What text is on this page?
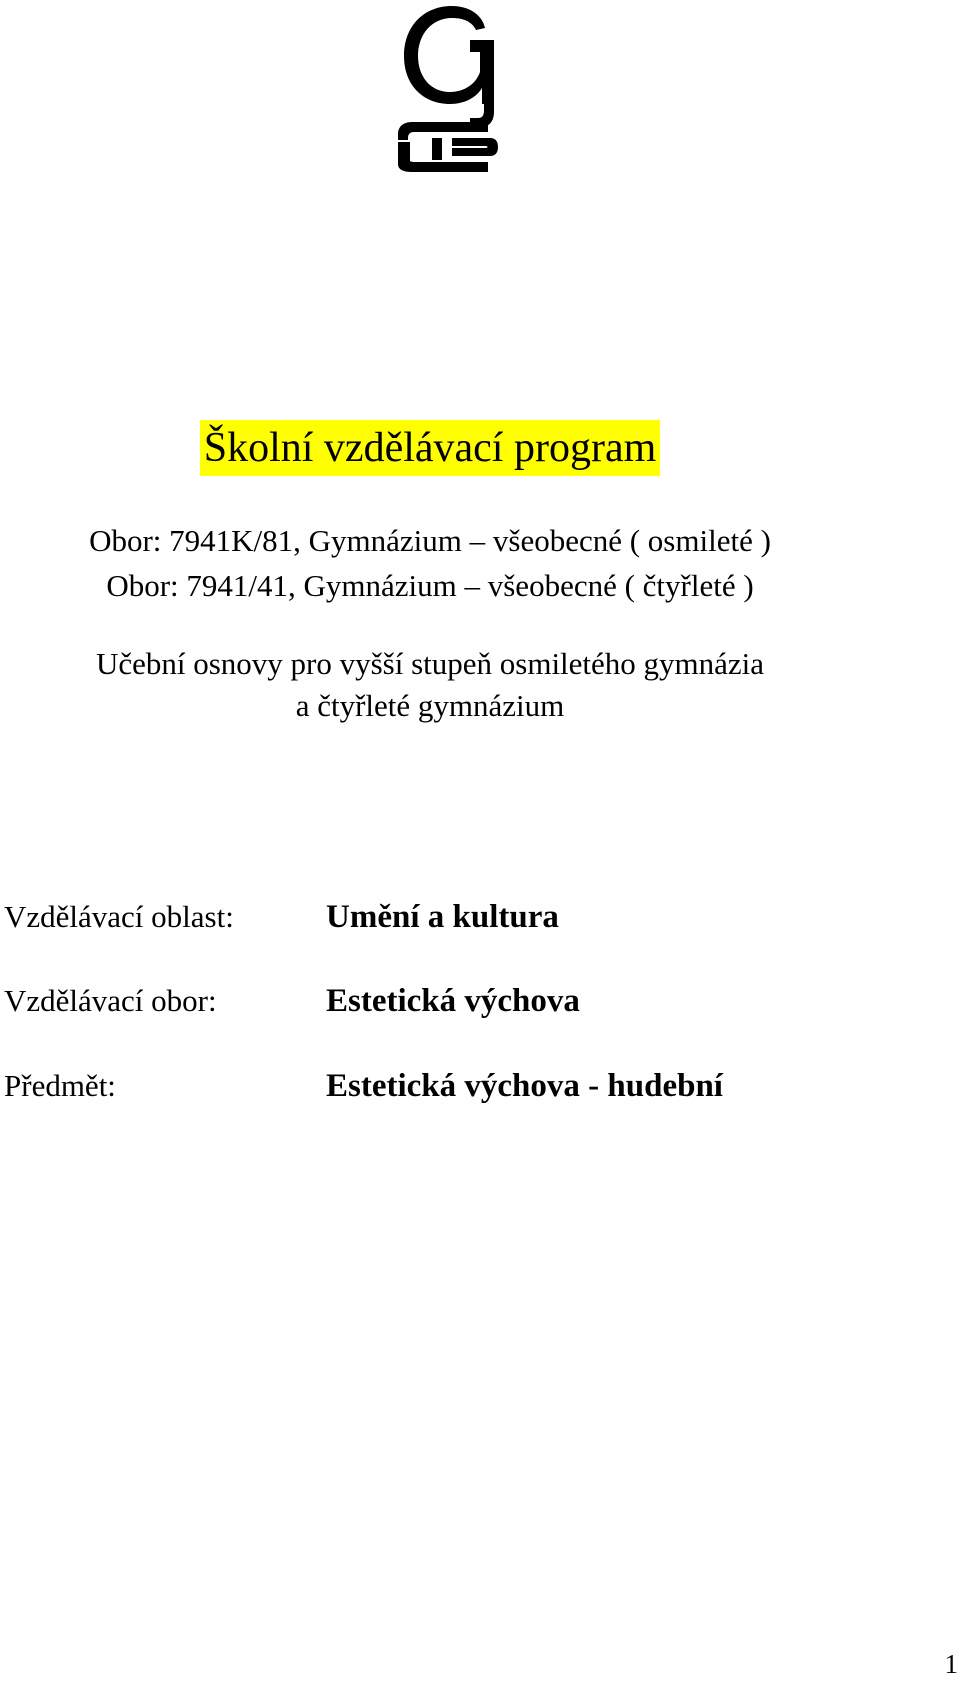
Školní vzdělávací program
Obor: 7941K/81, Gymnázium – všeobecné ( osmileté )
Obor: 7941/41, Gymnázium – všeobecné ( čtyřleté )
Učební osnovy pro vyšší stupeň osmiletého gymnázia
a čtyřleté gymnázium
Vzdělávací oblast:	Umění a kultura
Vzdělávací obor:	Estetická výchova
Předmět:	Estetická výchova - hudební
1
